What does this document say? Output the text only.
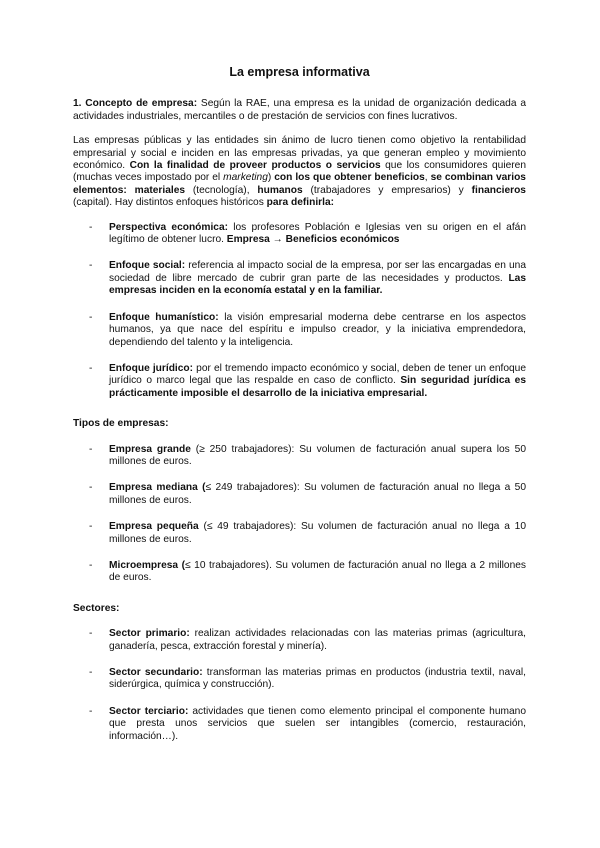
La empresa informativa

1. Concepto de empresa: Según la RAE, una empresa es la unidad de organización dedicada a actividades industriales, mercantiles o de prestación de servicios con fines lucrativos.

Las empresas públicas y las entidades sin ánimo de lucro tienen como objetivo la rentabilidad empresarial y social e inciden en las empresas privadas, ya que generan empleo y movimiento económico. Con la finalidad de proveer productos o servicios que los consumidores quieren (muchas veces impostado por el marketing) con los que obtener beneficios, se combinan varios elementos: materiales (tecnología), humanos (trabajadores y empresarios) y financieros (capital). Hay distintos enfoques históricos para definirla:

- Perspectiva económica: los profesores Población e Iglesias ven su origen en el afán legítimo de obtener lucro. Empresa → Beneficios económicos
- Enfoque social: referencia al impacto social de la empresa, por ser las encargadas en una sociedad de libre mercado de cubrir gran parte de las necesidades y productos. Las empresas inciden en la economía estatal y en la familiar.
- Enfoque humanístico: la visión empresarial moderna debe centrarse en los aspectos humanos, ya que nace del espíritu e impulso creador, y la iniciativa emprendedora, dependiendo del talento y la inteligencia.
- Enfoque jurídico: por el tremendo impacto económico y social, deben de tener un enfoque jurídico o marco legal que las respalde en caso de conflicto. Sin seguridad jurídica es prácticamente imposible el desarrollo de la iniciativa empresarial.
Tipos de empresas:
- Empresa grande (≥ 250 trabajadores): Su volumen de facturación anual supera los 50 millones de euros.
- Empresa mediana (≤ 249 trabajadores): Su volumen de facturación anual no llega a 50 millones de euros.
- Empresa pequeña (≤ 49 trabajadores): Su volumen de facturación anual no llega a 10 millones de euros.
- Microempresa (≤ 10 trabajadores). Su volumen de facturación anual no llega a 2 millones de euros.
Sectores:
- Sector primario: realizan actividades relacionadas con las materias primas (agricultura, ganadería, pesca, extracción forestal y minería).
- Sector secundario: transforman las materias primas en productos (industria textil, naval, siderúrgica, química y construcción).
- Sector terciario: actividades que tienen como elemento principal el componente humano que presta unos servicios que suelen ser intangibles (comercio, restauración, información…).
